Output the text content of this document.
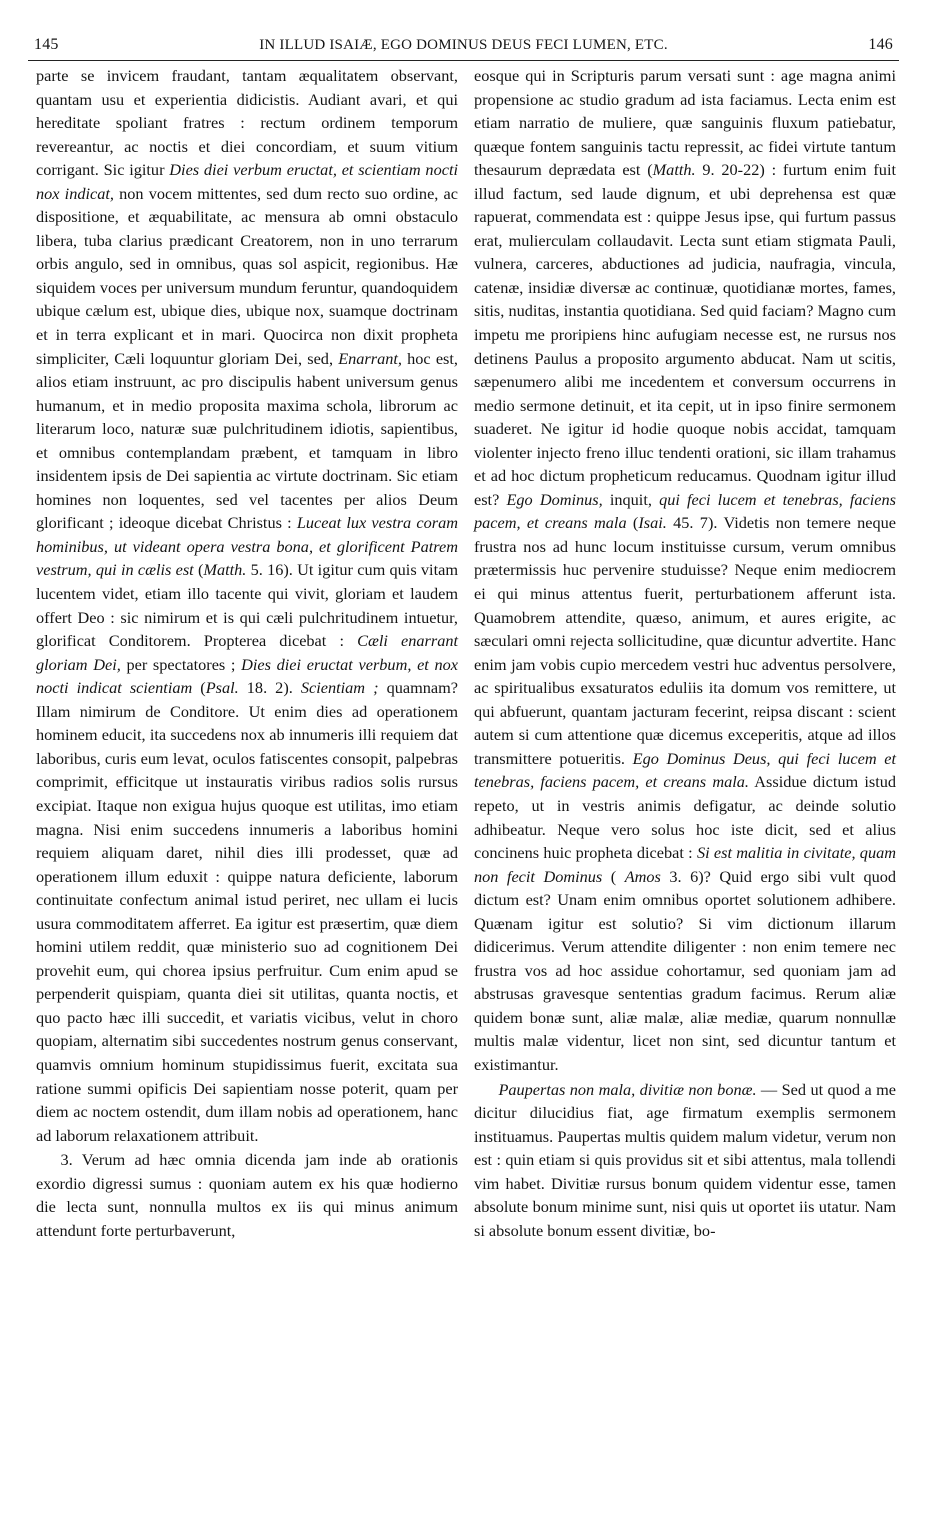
145	IN ILLUD ISAIÆ, EGO DOMINUS DEUS FECI LUMEN, ETC.	146

parte se invicem fraudant, tantam æqualitatem observant, quantam usu et experientia didicistis. Audiant avari, et qui hereditate spoliant fratres : rectum ordinem temporum revereantur, ac noctis et diei concordiam, et suum vitium corrigant. Sic igitur Dies diei verbum eructat, et scientiam nocti nox indicat, non vocem mittentes, sed dum recto suo ordine, ac dispositione, et æquabilitate, ac mensura ab omni obstaculo libera, tuba clarius prædicant Creatorem, non in uno terrarum orbis angulo, sed in omnibus, quas sol aspicit, regionibus. Hæ siquidem voces per universum mundum feruntur, quandoquidem ubique cælum est, ubique dies, ubique nox, suamque doctrinam et in terra explicant et in mari. Quocirca non dixit propheta simpliciter, Cæli loquuntur gloriam Dei, sed, Enarrant, hoc est, alios etiam instruunt, ac pro discipulis habent universum genus humanum, et in medio proposita maxima schola, librorum ac literarum loco, naturæ suæ pulchritudinem idiotis, sapientibus, et omnibus contemplandam præbent, et tamquam in libro insidentem ipsis de Dei sapientia ac virtute doctrinam. Sic etiam homines non loquentes, sed vel tacentes per alios Deum glorificant ; ideoque dicebat Christus : Luceat lux vestra coram hominibus, ut videant opera vestra bona, et glorificent Patrem vestrum, qui in cælis est (Matth. 5. 16). Ut igitur cum quis vitam lucentem videt, etiam illo tacente qui vivit, gloriam et laudem offert Deo : sic nimirum et is qui cæli pulchritudinem intuetur, glorificat Conditorem. Propterea dicebat : Cæli enarrant gloriam Dei, per spectatores ; Dies diei eructat verbum, et nox nocti indicat scientiam (Psal. 18. 2). Scientiam ; quamnam? Illam nimirum de Conditore. Ut enim dies ad operationem hominem educit, ita succedens nox ab innumeris illi requiem dat laboribus, curis eum levat, oculos fatiscentes consopit, palpebras comprimit, efficitque ut instauratis viribus radios solis rursus excipiat. Itaque non exigua hujus quoque est utilitas, imo etiam magna. Nisi enim succedens innumeris a laboribus homini requiem aliquam daret, nihil dies illi prodesset, quæ ad operationem illum eduxit : quippe natura deficiente, laborum continuitate confectum animal istud periret, nec ullam ei lucis usura commoditatem afferret. Ea igitur est præsertim, quæ diem homini utilem reddit, quæ ministerio suo ad cognitionem Dei provehit eum, qui chorea ipsius perfruitur. Cum enim apud se perpenderit quispiam, quanta diei sit utilitas, quanta noctis, et quo pacto hæc illi succedit, et variatis vicibus, velut in choro quopiam, alternatim sibi succedentes nostrum genus conservant, quamvis omnium hominum stupidissimus fuerit, excitata sua ratione summi opificis Dei sapientiam nosse poterit, quam per diem ac noctem ostendit, dum illam nobis ad operationem, hanc ad laborum relaxationem attribuit.

3. Verum ad hæc omnia dicenda jam inde ab orationis exordio digressi sumus : quoniam autem ex his quæ hodierno die lecta sunt, nonnulla multos ex iis qui minus animum attendunt forte perturbaverunt,

eosque qui in Scripturis parum versati sunt : age magna animi propensione ac studio gradum ad ista faciamus. Lecta enim est etiam narratio de muliere, quæ sanguinis fluxum patiebatur, quæque fontem sanguinis tactu repressit, ac fidei virtute tantum thesaurum deprædata est (Matth. 9. 20-22) : furtum enim fuit illud factum, sed laude dignum, et ubi deprehensa est quæ rapuerat, commendata est : quippe Jesus ipse, qui furtum passus erat, mulierculam collaudavit. Lecta sunt etiam stigmata Pauli, vulnera, carceres, abductiones ad judicia, naufragia, vincula, catenæ, insidiæ diversæ ac continuæ, quotidianæ mortes, fames, sitis, nuditas, instantia quotidiana. Sed quid faciam? Magno cum impetu me proripiens hinc aufugiam necesse est, ne rursus nos detinens Paulus a proposito argumento abducat. Nam ut scitis, sæpenumero alibi me incedentem et conversum occurrens in medio sermone detinuit, et ita cepit, ut in ipso finire sermonem suaderet. Ne igitur id hodie quoque nobis accidat, tamquam violenter injecto freno illuc tendenti orationi, sic illam trahamus et ad hoc dictum propheticum reducamus. Quodnam igitur illud est? Ego Dominus, inquit, qui feci lucem et tenebras, faciens pacem, et creans mala (Isai. 45. 7). Videtis non temere neque frustra nos ad hunc locum instituisse cursum, verum omnibus prætermissis huc pervenire studuisse? Neque enim mediocrem ei qui minus attentus fuerit, perturbationem afferunt ista. Quamobrem attendite, quæso, animum, et aures erigite, ac sæculari omni rejecta sollicitudine, quæ dicuntur advertite. Hanc enim jam vobis cupio mercedem vestri huc adventus persolvere, ac spiritualibus exsaturatos eduliis ita domum vos remittere, ut qui abfuerunt, quantam jacturam fecerint, reipsa discant : scient autem si cum attentione quæ dicemus exceperitis, atque ad illos transmittere potueritis. Ego Dominus Deus, qui feci lucem et tenebras, faciens pacem, et creans mala. Assidue dictum istud repeto, ut in vestris animis defigatur, ac deinde solutio adhibeatur. Neque vero solus hoc iste dicit, sed et alius concinens huic propheta dicebat : Si est malitia in civitate, quam non fecit Dominus ( Amos 3. 6)? Quid ergo sibi vult quod dictum est? Unam enim omnibus oportet solutionem adhibere. Quænam igitur est solutio? Si vim dictionum illarum didicerimus. Verum attendite diligenter : non enim temere nec frustra vos ad hoc assidue cohortamur, sed quoniam jam ad abstrusas gravesque sententias gradum facimus. Rerum aliæ quidem bonæ sunt, aliæ malæ, aliæ mediæ, quarum nonnullæ multis malæ videntur, licet non sint, sed dicuntur tantum et existimantur.

Paupertas non mala, divitiæ non bonæ. — Sed ut quod a me dicitur dilucidius fiat, age firmatum exemplis sermonem instituamus. Paupertas multis quidem malum videtur, verum non est : quin etiam si quis providus sit et sibi attentus, mala tollendi vim habet. Divitiæ rursus bonum quidem videntur esse, tamen absolute bonum minime sunt, nisi quis ut oportet iis utatur. Nam si absolute bonum essent divitiæ, bo-
